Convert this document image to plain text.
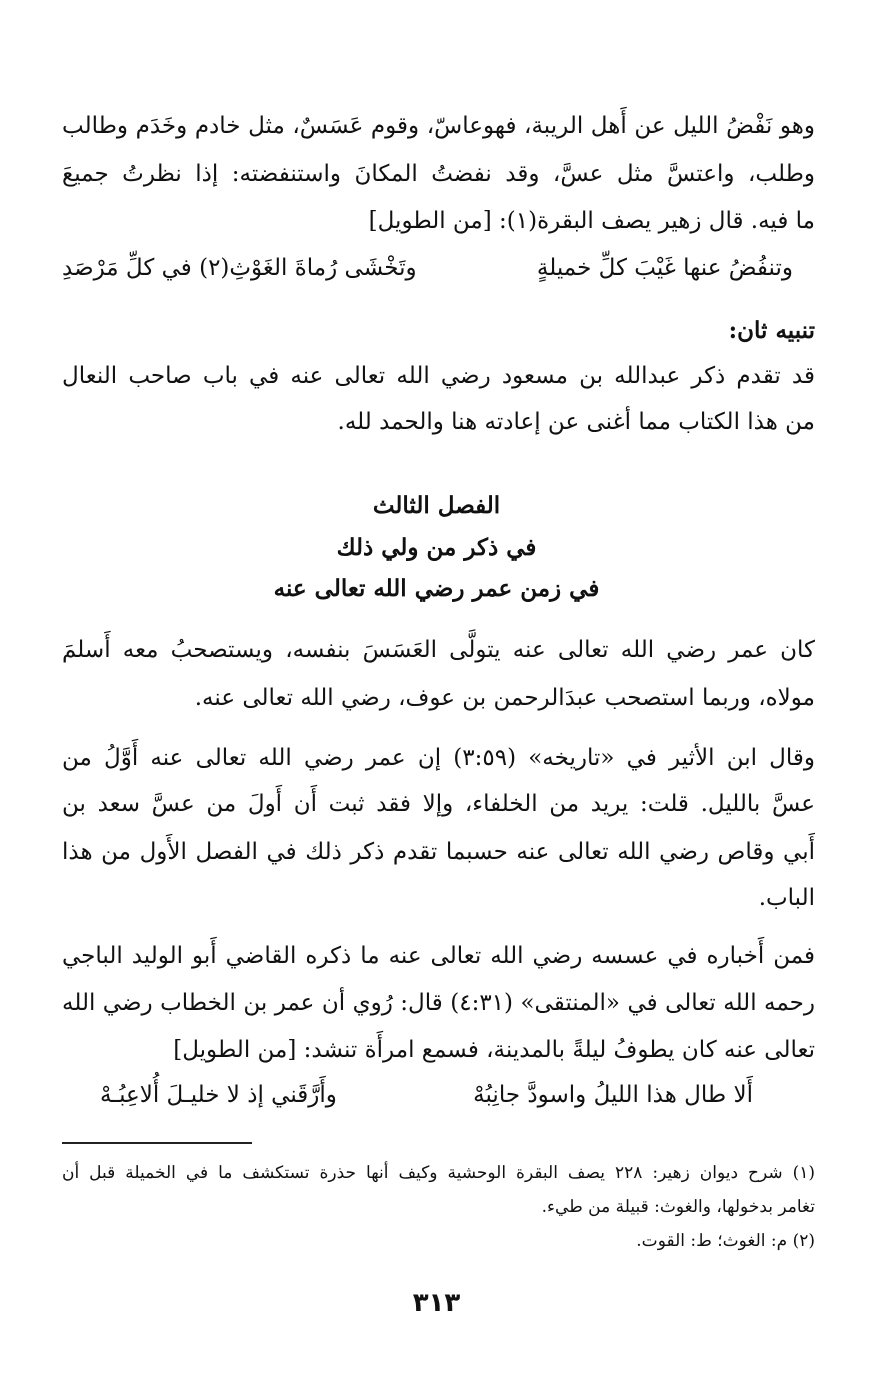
وهو نَفْضُ الليل عن أَهل الريبة، فهوعاسّ، وقوم عَسَسٌ، مثل خادم وخَدَم وطالب
وطلب، واعتسَّ مثل عسَّ، وقد نفضتُ المكانَ واستنفضته: إذا نظرتُ جميعَ
ما فيه. قال زهير يصف البقرة(١): [من الطويل]
وتنفُضُ عنها غَيْبَ كلِّ خميلةٍ
وتَخْشَى رُماةَ الغَوْثِ(٢) في كلِّ مَرْصَدِ
تنبيه ثان:
قد تقدم ذكر عبدالله بن مسعود رضي الله تعالى عنه في باب صاحب النعال
من هذا الكتاب مما أغنى عن إعادته هنا والحمد لله.
الفصل الثالث
في ذكر من ولي ذلك
في زمن عمر رضي الله تعالى عنه
كان عمر رضي الله تعالى عنه يتولَّى العَسَسَ بنفسه، ويستصحبُ معه أَسلمَ
مولاه، وربما استصحب عبدَالرحمن بن عوف، رضي الله تعالى عنه.
وقال ابن الأثير في «تاريخه» (٣:٥٩) إن عمر رضي الله تعالى عنه أَوَّلُ من
عسَّ بالليل. قلت: يريد من الخلفاء، وإلا فقد ثبت أَن أَولَ من عسَّ سعد بن
أَبي وقاص رضي الله تعالى عنه حسبما تقدم ذكر ذلك في الفصل الأَول من هذا
الباب.
فمن أَخباره في عسسه رضي الله تعالى عنه ما ذكره القاضي أَبو الوليد الباجي
رحمه الله تعالى في «المنتقى» (٤:٣١) قال: رُوي أن عمر بن الخطاب رضي الله
تعالى عنه كان يطوفُ ليلةً بالمدينة، فسمع امرأَة تنشد: [من الطويل]
أَلا طال هذا الليلُ واسودَّ جانِبُهْ
وأَرَّقَني إذ لا خليـلَ أُلاعِبُـهْ
(١) شرح ديوان زهير: ٢٢٨ يصف البقرة الوحشية وكيف أنها حذرة تستكشف ما في الخميلة قبل أن
تغامر بدخولها، والغوث: قبيلة من طيء.
(٢) م: الغوث؛ ط: القوت.
٣١٣
